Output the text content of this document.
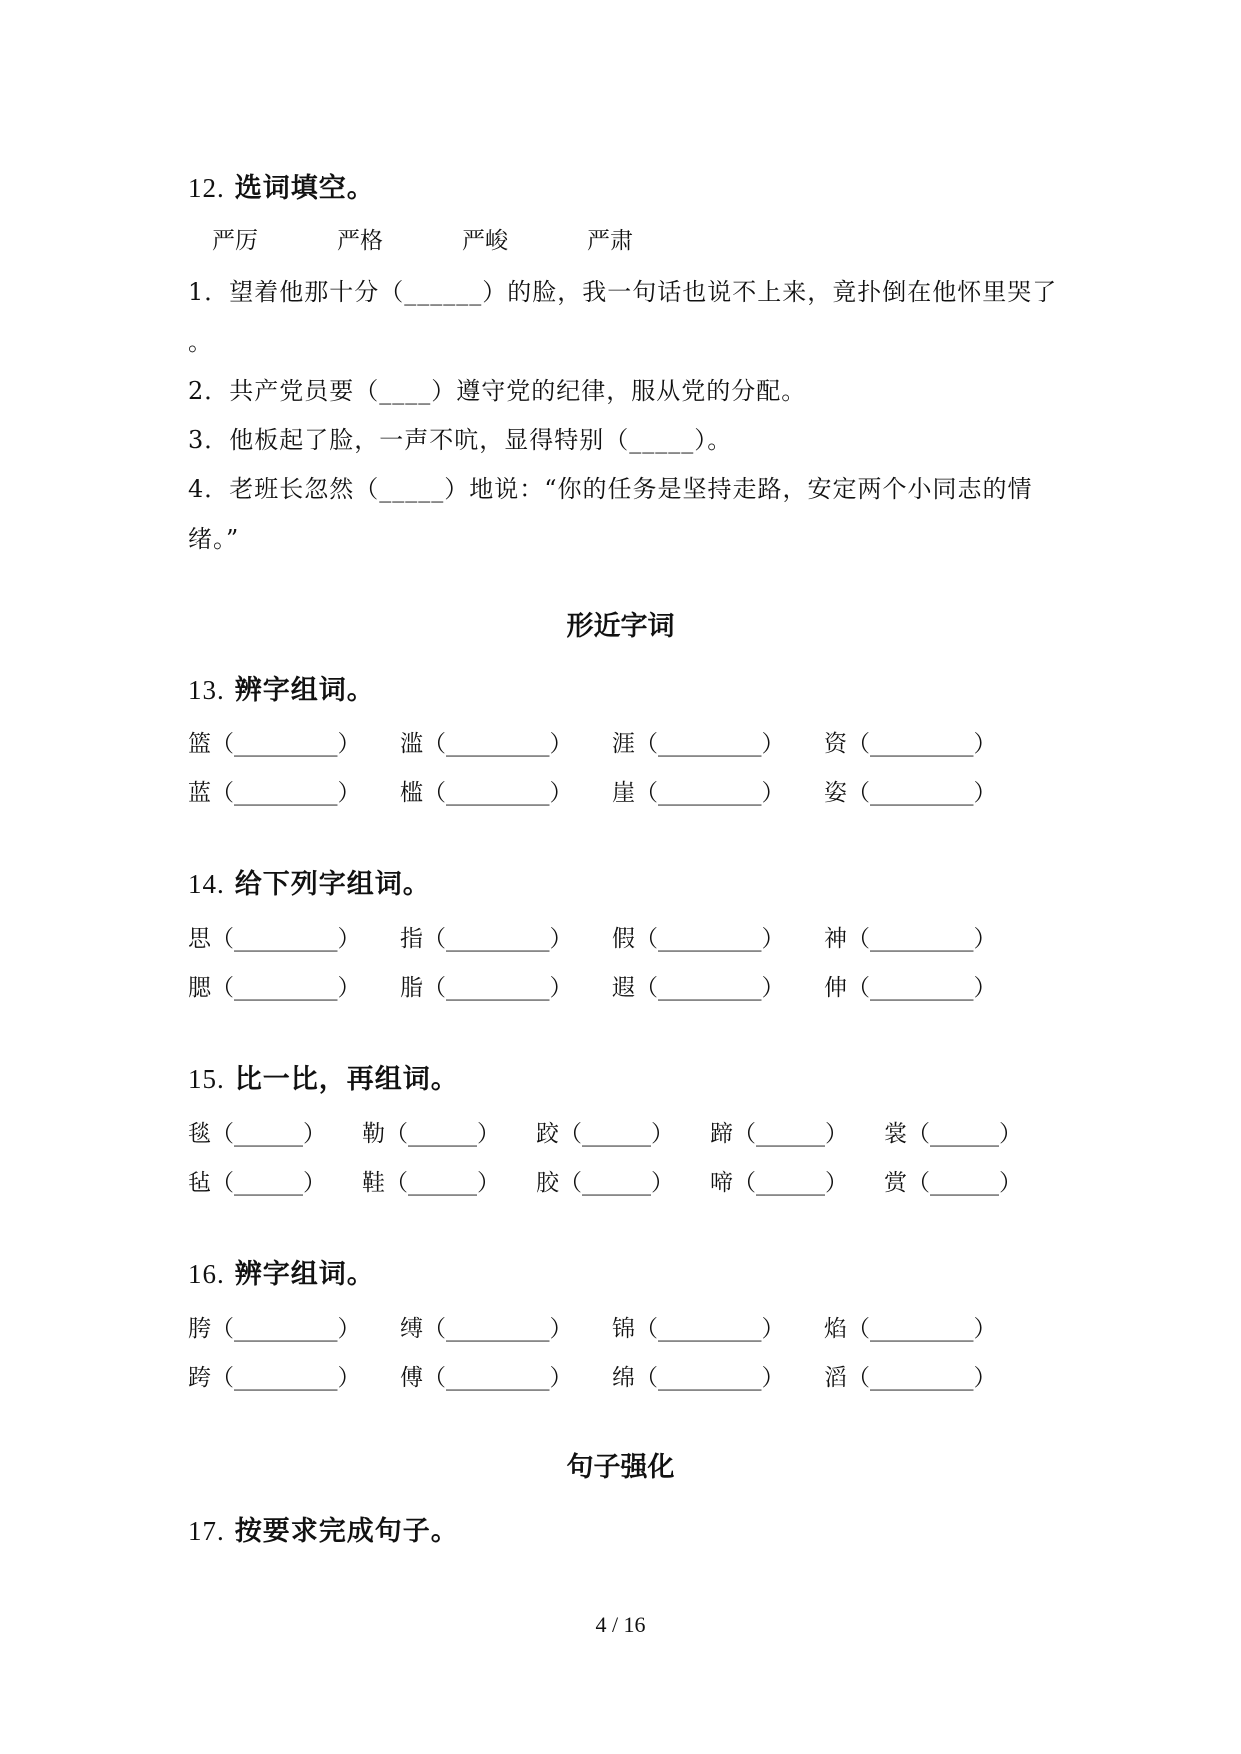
12. 选词填空。
严厉	严格	严峻	严肃
1．望着他那十分（______）的脸，我一句话也说不上来，竟扑倒在他怀里哭了
。
2．共产党员要（____）遵守党的纪律，服从党的分配。
3．他板起了脸，一声不吭，显得特别（_____）。
4．老班长忽然（_____）地说：“你的任务是坚持走路，安定两个小同志的情
绪。”
形近字词
13. 辨字组词。
篮（_________） 滥（_________） 涯（_________） 资（_________）
蓝（_________） 槛（_________） 崖（_________） 姿（_________）
14. 给下列字组词。
思（_________） 指（_________） 假（_________） 神（_________）
腮（_________） 脂（_________） 遐（_________） 伸（_________）
15. 比一比，再组词。
毯（______） 勒（______） 跤（______） 蹄（______） 裳（______）
毡（______） 鞋（______） 胶（______） 啼（______） 赏（______）
16. 辨字组词。
胯（_________） 缚（_________） 锦（_________） 焰（_________）
跨（_________） 傅（_________） 绵（_________） 滔（_________）
句子强化
17. 按要求完成句子。
4 / 16
